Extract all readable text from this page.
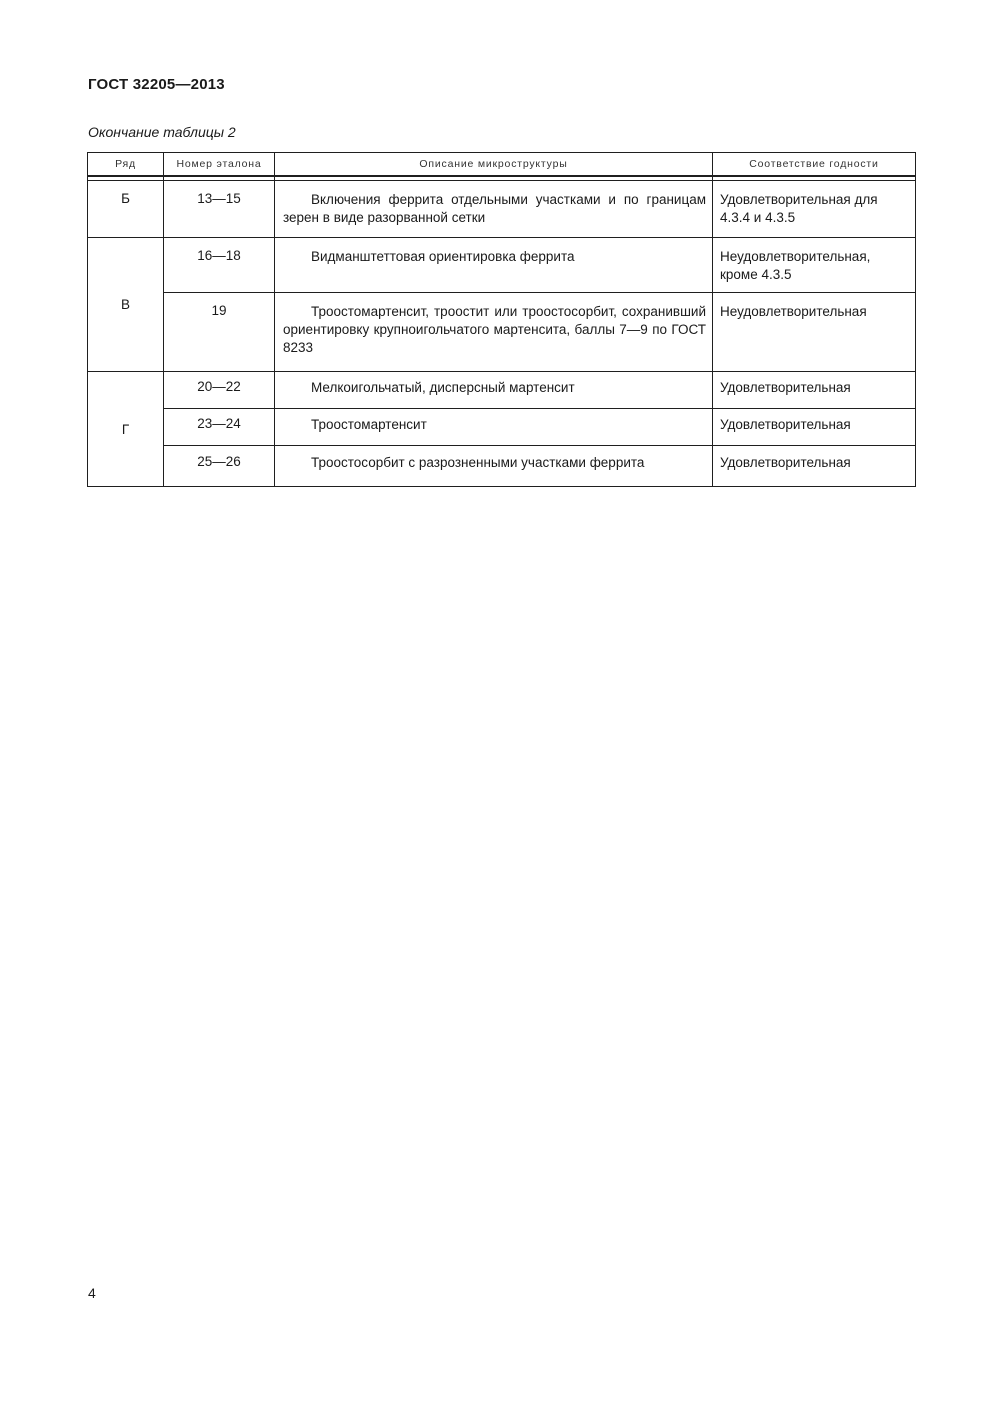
ГОСТ 32205—2013
Окончание таблицы 2
Ряд	Номер эталона	Описание микроструктуры	Соответствие годности

Б	13—15	Включения феррита отдельными участками и по границам зерен в виде разорванной сетки	Удовлетворительная для 4.3.4 и 4.3.5
В	16—18	Видманштеттовая ориентировка феррита	Неудовлетворительная, кроме 4.3.5
	19	Троостомартенсит, троостит или троостосорбит, сохранивший ориентировку крупноигольчатого мартенсита, баллы 7—9 по ГОСТ 8233	Неудовлетворительная
Г	20—22	Мелкоигольчатый, дисперсный мартенсит	Удовлетворительная
	23—24	Троостомартенсит	Удовлетворительная
	25—26	Троостосорбит с разрозненными участками феррита	Удовлетворительная
4
